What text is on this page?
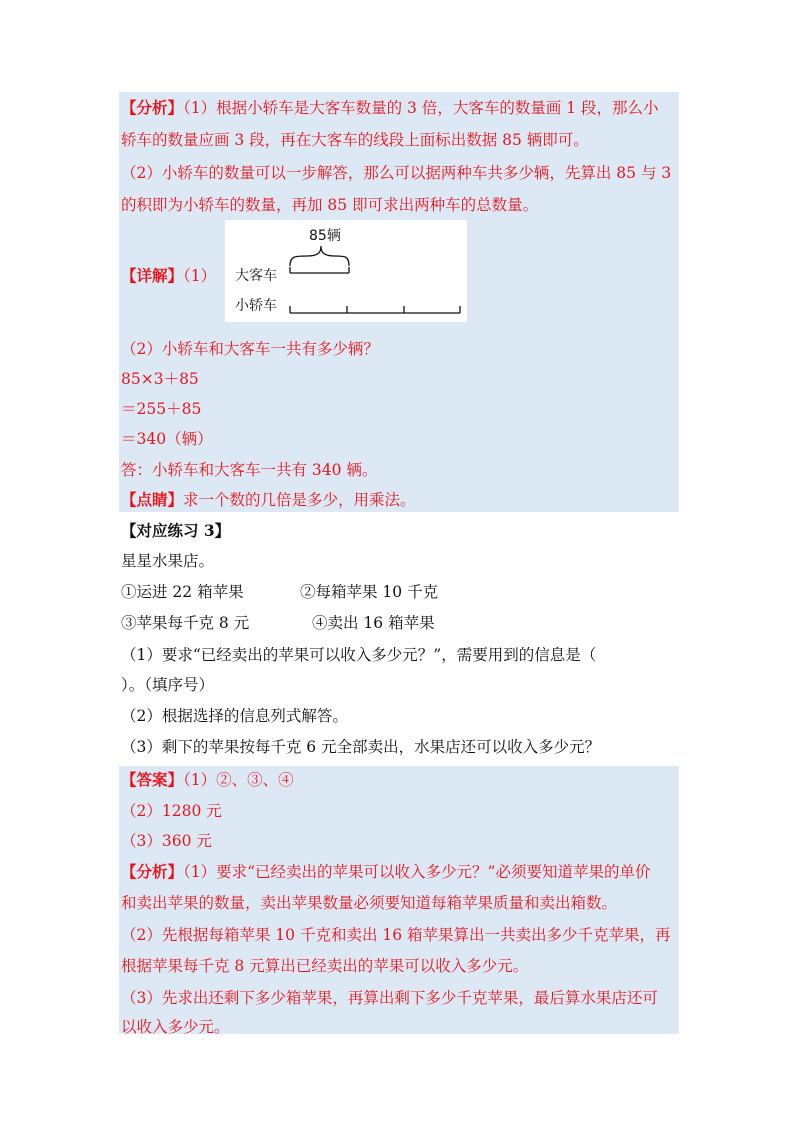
【分析】（1）根据小轿车是大客车数量的 3 倍，大客车的数量画 1 段，那么小
轿车的数量应画 3 段，再在大客车的线段上面标出数据 85 辆即可。
（2）小轿车的数量可以一步解答，那么可以据两种车共多少辆，先算出 85 与 3
的积即为小轿车的数量，再加 85 即可求出两种车的总数量。
【详解】（1）
85辆
大客车
小轿车
（2）小轿车和大客车一共有多少辆？
85×3＋85
＝255＋85
＝340（辆）
答：小轿车和大客车一共有 340 辆。
【点睛】求一个数的几倍是多少，用乘法。
【对应练习 3】
星星水果店。
①运进 22 箱苹果	②每箱苹果 10 千克
③苹果每千克 8 元	④卖出 16 箱苹果
（1）要求“已经卖出的苹果可以收入多少元？”，需要用到的信息是（
）。（填序号）
（2）根据选择的信息列式解答。
（3）剩下的苹果按每千克 6 元全部卖出，水果店还可以收入多少元？
【答案】（1）②、③、④
（2）1280 元
（3）360 元
【分析】（1）要求“已经卖出的苹果可以收入多少元？”必须要知道苹果的单价
和卖出苹果的数量，卖出苹果数量必须要知道每箱苹果质量和卖出箱数。
（2）先根据每箱苹果 10 千克和卖出 16 箱苹果算出一共卖出多少千克苹果，再
根据苹果每千克 8 元算出已经卖出的苹果可以收入多少元。
（3）先求出还剩下多少箱苹果，再算出剩下多少千克苹果，最后算水果店还可
以收入多少元。
